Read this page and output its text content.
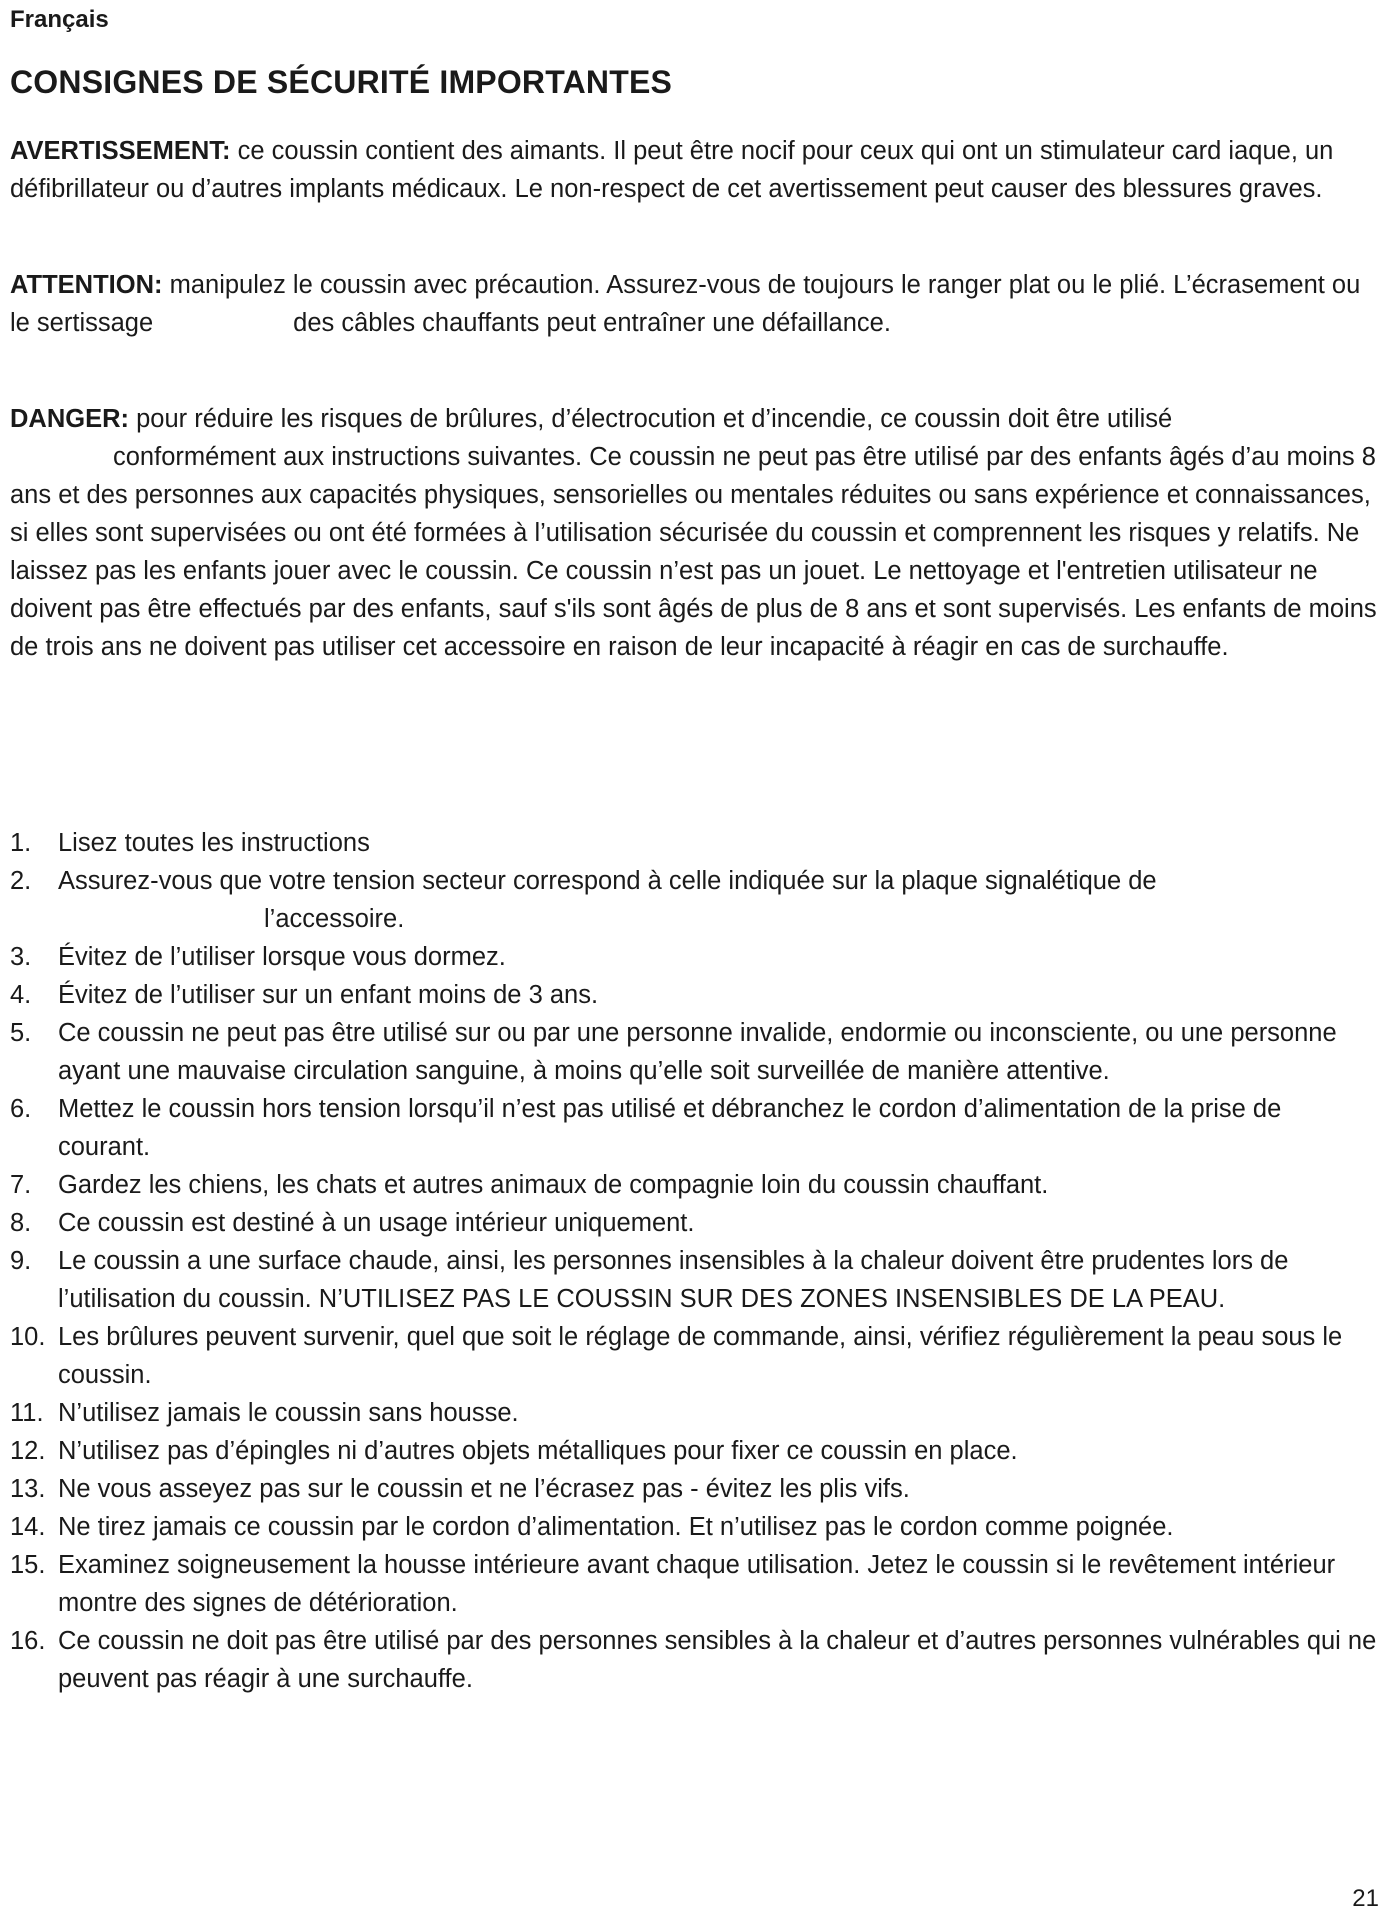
Français
CONSIGNES DE SÉCURITÉ IMPORTANTES
AVERTISSEMENT: ce coussin contient des aimants. Il peut être nocif pour ceux qui ont un stimulateur card iaque, un défibrillateur ou d’autres implants médicaux. Le non-respect de cet avertissement peut causer des blessures graves.
ATTENTION: manipulez le coussin avec précaution. Assurez-vous de toujours le ranger plat ou le plié. L’écrasement ou le sertissage	des câbles chauffants peut entraîner une défaillance.
DANGER: pour réduire les risques de brûlures, d’électrocution et d’incendie, ce coussin doit être utilisé
conformément aux instructions suivantes. Ce coussin ne peut pas être utilisé par des enfants âgés d’au moins 8 ans et des personnes aux capacités physiques, sensorielles ou mentales réduites ou sans expérience et connaissances, si elles sont supervisées ou ont été formées à l’utilisation sécurisée du coussin et comprennent les risques y relatifs. Ne laissez pas les enfants jouer avec le coussin. Ce coussin n’est pas un jouet. Le nettoyage et l'entretien utilisateur ne doivent pas être effectués par des enfants, sauf s'ils sont âgés de plus de 8 ans et sont supervisés. Les enfants de moins de trois ans ne doivent pas utiliser cet accessoire en raison de leur incapacité à réagir en cas de surchauffe.
1. Lisez toutes les instructions
2. Assurez-vous que votre tension secteur correspond à celle indiquée sur la plaque signalétique de
l’accessoire.
3. Évitez de l’utiliser lorsque vous dormez.
4. Évitez de l’utiliser sur un enfant moins de 3 ans.
5. Ce coussin ne peut pas être utilisé sur ou par une personne invalide, endormie ou inconsciente, ou une personne ayant une mauvaise circulation sanguine, à moins qu’elle soit surveillée de manière attentive.
6. Mettez le coussin hors tension lorsqu’il n’est pas utilisé et débranchez le cordon d’alimentation de la prise de courant.
7. Gardez les chiens, les chats et autres animaux de compagnie loin du coussin chauffant.
8. Ce coussin est destiné à un usage intérieur uniquement.
9. Le coussin a une surface chaude, ainsi, les personnes insensibles à la chaleur doivent être prudentes lors de l’utilisation du coussin. N’UTILISEZ PAS LE COUSSIN SUR DES ZONES INSENSIBLES DE LA PEAU.
10. Les brûlures peuvent survenir, quel que soit le réglage de commande, ainsi, vérifiez régulièrement la peau sous le coussin.
11. N’utilisez jamais le coussin sans housse.
12. N’utilisez pas d’épingles ni d’autres objets métalliques pour fixer ce coussin en place.
13. Ne vous asseyez pas sur le coussin et ne l’écrasez pas - évitez les plis vifs.
14. Ne tirez jamais ce coussin par le cordon d’alimentation. Et n’utilisez pas le cordon comme poignée.
15. Examinez soigneusement la housse intérieure avant chaque utilisation. Jetez le coussin si le revêtement intérieur montre des signes de détérioration.
16. Ce coussin ne doit pas être utilisé par des personnes sensibles à la chaleur et d’autres personnes vulnérables qui ne peuvent pas réagir à une surchauffe.
21
